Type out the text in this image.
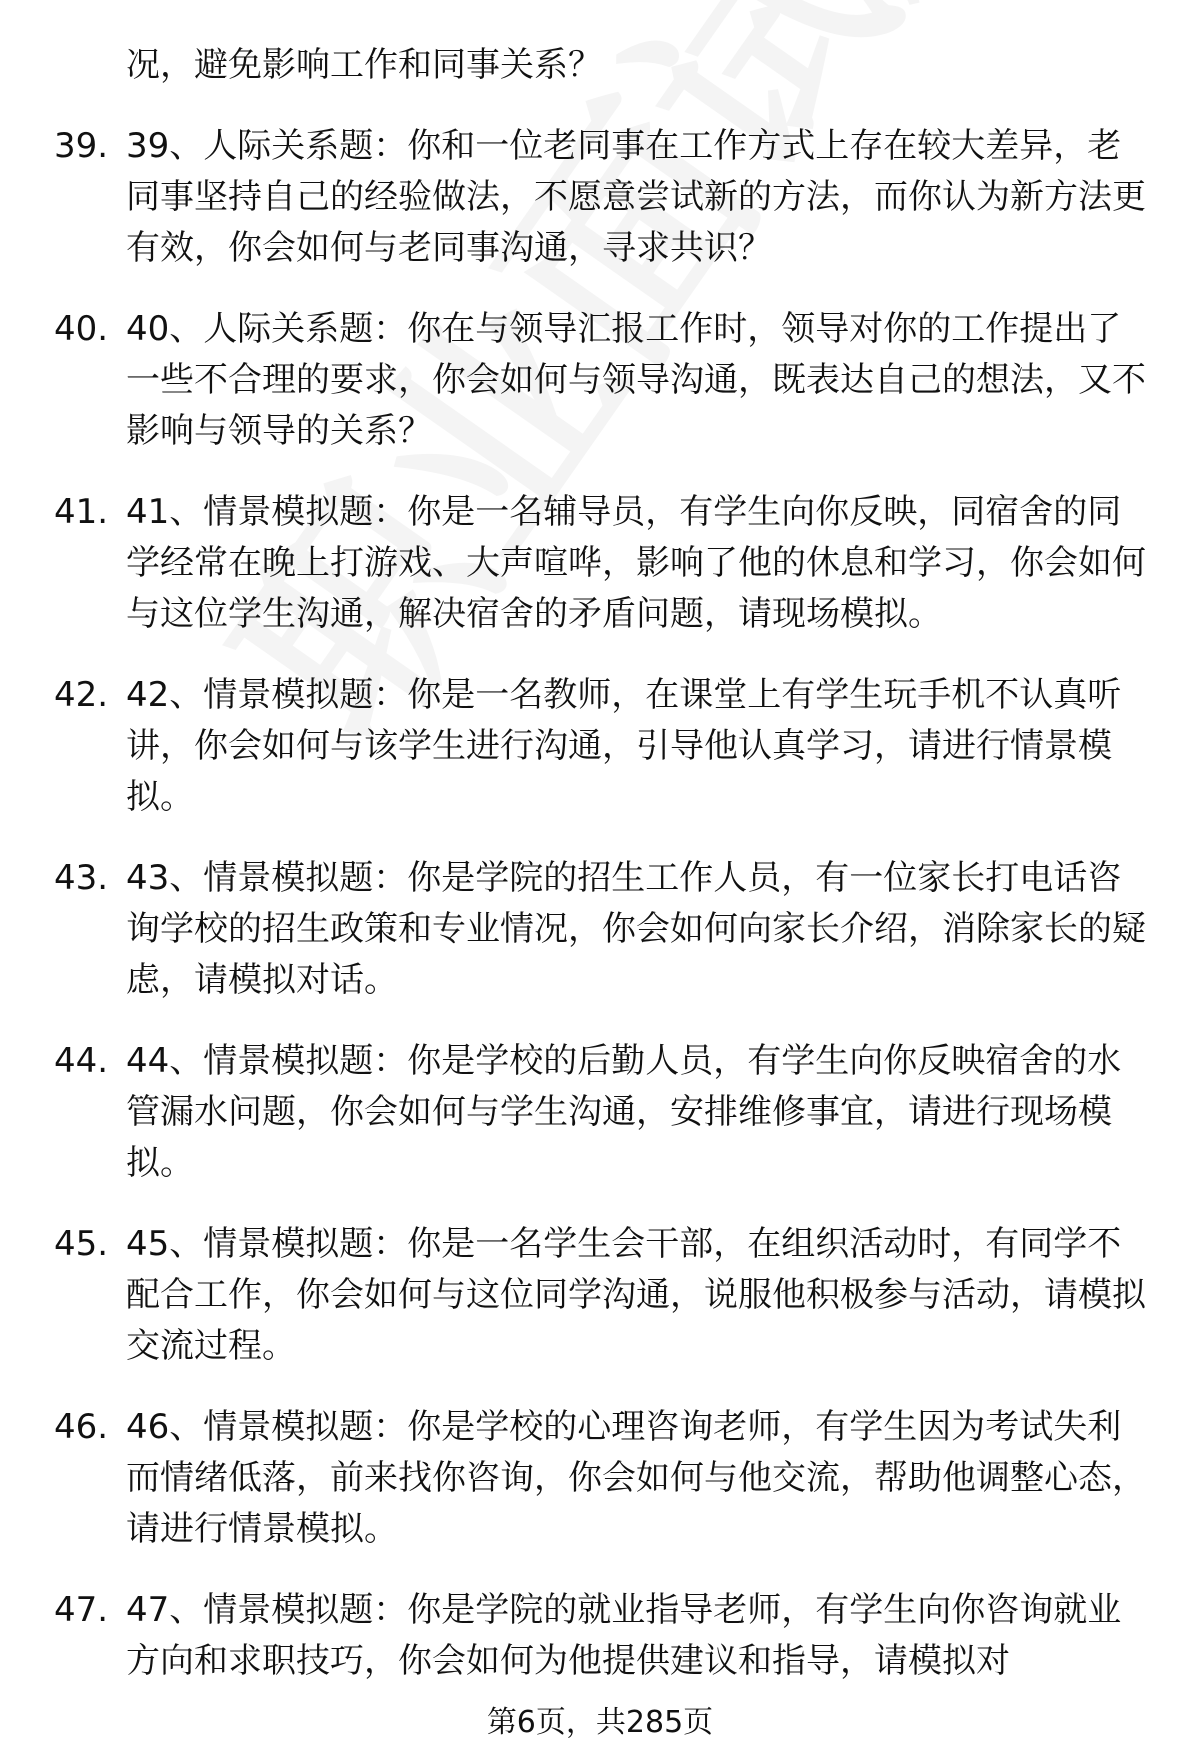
况，避免影响工作和同事关系？
39. 39、人际关系题：你和一位老同事在工作方式上存在较大差异，老同事坚持自己的经验做法，不愿意尝试新的方法，而你认为新方法更有效，你会如何与老同事沟通，寻求共识？
40. 40、人际关系题：你在与领导汇报工作时，领导对你的工作提出了一些不合理的要求，你会如何与领导沟通，既表达自己的想法，又不影响与领导的关系？
41. 41、情景模拟题：你是一名辅导员，有学生向你反映，同宿舍的同学经常在晚上打游戏、大声喧哗，影响了他的休息和学习，你会如何与这位学生沟通，解决宿舍的矛盾问题，请现场模拟。
42. 42、情景模拟题：你是一名教师，在课堂上有学生玩手机不认真听讲，你会如何与该学生进行沟通，引导他认真学习，请进行情景模拟。
43. 43、情景模拟题：你是学院的招生工作人员，有一位家长打电话咨询学校的招生政策和专业情况，你会如何向家长介绍，消除家长的疑虑，请模拟对话。
44. 44、情景模拟题：你是学校的后勤人员，有学生向你反映宿舍的水管漏水问题，你会如何与学生沟通，安排维修事宜，请进行现场模拟。
45. 45、情景模拟题：你是一名学生会干部，在组织活动时，有同学不配合工作，你会如何与这位同学沟通，说服他积极参与活动，请模拟交流过程。
46. 46、情景模拟题：你是学校的心理咨询老师，有学生因为考试失利而情绪低落，前来找你咨询，你会如何与他交流，帮助他调整心态，请进行情景模拟。
47. 47、情景模拟题：你是学院的就业指导老师，有学生向你咨询就业方向和求职技巧，你会如何为他提供建议和指导，请模拟对
第6页，共285页
